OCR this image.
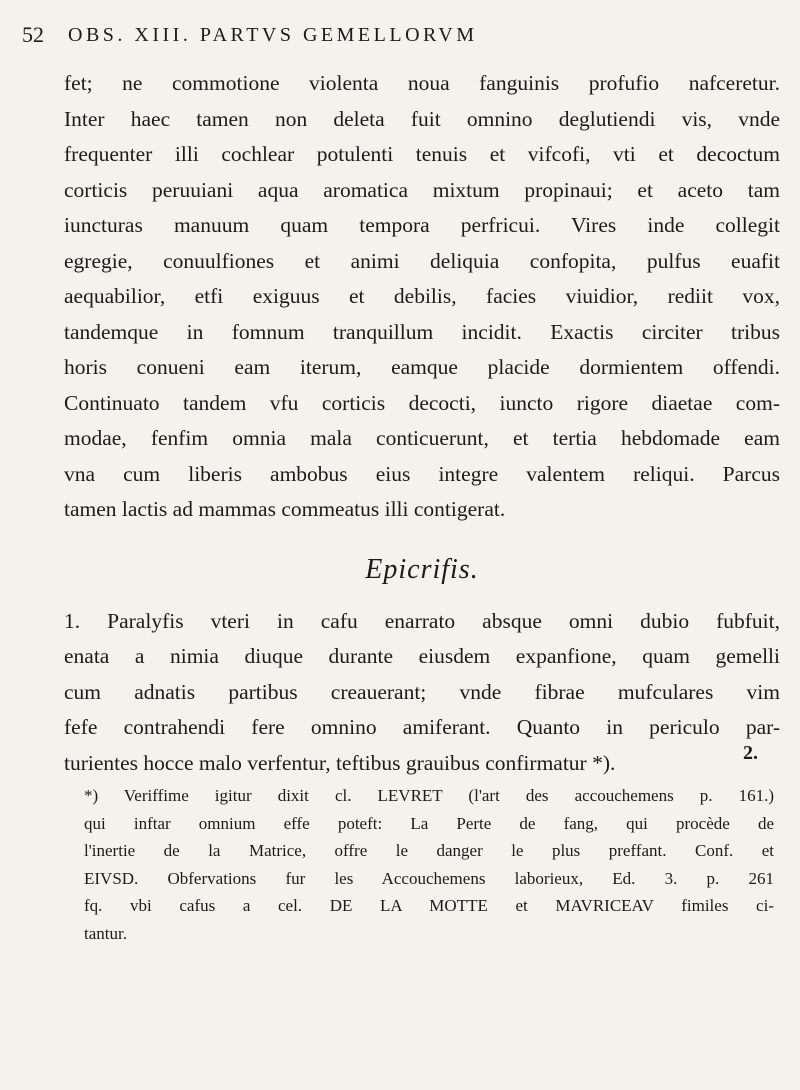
52 OBS. XIII. PARTVS GEMELLORVM
fet; ne commotione violenta noua fanguinis profufio nafceretur.
Inter haec tamen non deleta fuit omnino deglutiendi vis, vnde
frequenter illi cochlear potulenti tenuis et vifcofi, vti et decoctum
corticis peruuiani aqua aromatica mixtum propinaui; et aceto tam
iuncturas manuum quam tempora perfricui. Vires inde collegit
egregie, conuulfiones et animi deliquia confopita, pulfus euafit
aequabilior, etfi exiguus et debilis, facies viuidior, rediit vox,
tandemque in fomnum tranquillum incidit. Exactis circiter tribus
horis conueni eam iterum, eamque placide dormientem offendi.
Continuato tandem vfu corticis decocti, iuncto rigore diaetae com-
modae, fenfim omnia mala conticuerunt, et tertia hebdomade eam
vna cum liberis ambobus eius integre valentem reliqui. Parcus
tamen lactis ad mammas commeatus illi contigerat.
Epicrifis.
1. Paralyfis vteri in cafu enarrato absque omni dubio fubfuit,
enata a nimia diuque durante eiusdem expanfione, quam gemelli
cum adnatis partibus creauerant; vnde fibrae mufculares vim
fefe contrahendi fere omnino amiferant. Quanto in periculo par-
turientes hocce malo verfentur, teftibus grauibus confirmatur *).	2.
*) Veriffime igitur dixit cl. LEVRET (l'art des accouchemens p. 161.)
qui inftar omnium effe poteft: La Perte de fang, qui procède de
l'inertie de la Matrice, offre le danger le plus preffant. Conf. et
EIVSD. Obfervations fur les Accouchemens laborieux, Ed. 3. p. 261
fq. vbi cafus a cel. DE LA MOTTE et MAVRICEAV fimiles ci-
tantur.
